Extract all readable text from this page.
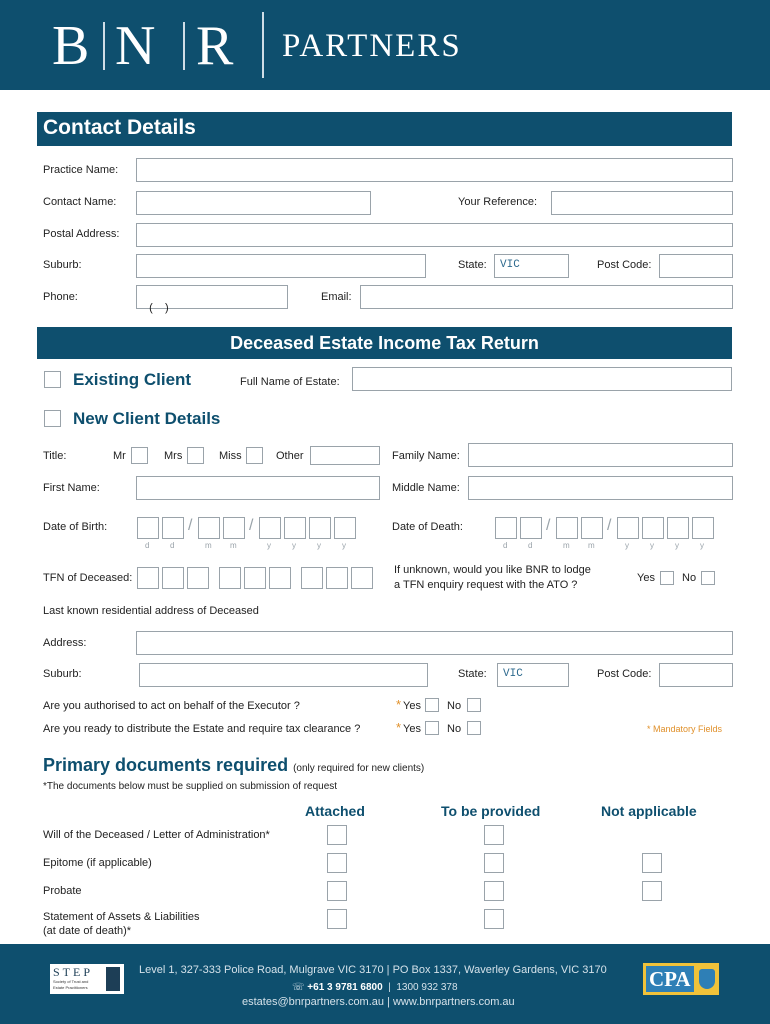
B N R PARTNERS
Contact Details
Practice Name:
Contact Name:	Your Reference:
Postal Address:
Suburb:	State:	VIC	Post Code:
Phone:

(    )

Email:
Deceased Estate Income Tax Return
Existing Client	Full Name of Estate:
New Client Details
Title:	Mr	Mrs	Miss	Other	Family Name:
First Name:	Middle Name:
Date of Birth:	/	/
d d	m m	y	y	y	y
Date of Death:	/	/
d d	m m	y	y	y	y
TFN of Deceased:
If unknown, would you like BNR to lodge
a TFN enquiry request with the ATO ?
Yes No
Last known residential address of Deceased
Address:
Suburb:	State:	VIC	Post Code:
Are you authorised to act on behalf of the Executor ?	* Yes No
Are you ready to distribute the Estate and require tax clearance ?	* Yes No	* Mandatory Fields
Primary documents required (only required for new clients)
*The documents below must be supplied on submission of request
Attached	To be provided	Not applicable
Will of the Deceased / Letter of Administration*
Epitome (if applicable)
Probate
Statement of Assets & Liabilities
(at date of death)*
STEP
Society of Trust and
Estate Practitioners
Level 1, 327-333 Police Road, Mulgrave VIC 3170 | PO Box 1337, Waverley Gardens, VIC 3170
☏ +61 3 9781 6800  |  1300 932 378
estates@bnrpartners.com.au | www.bnrpartners.com.au
CPA
